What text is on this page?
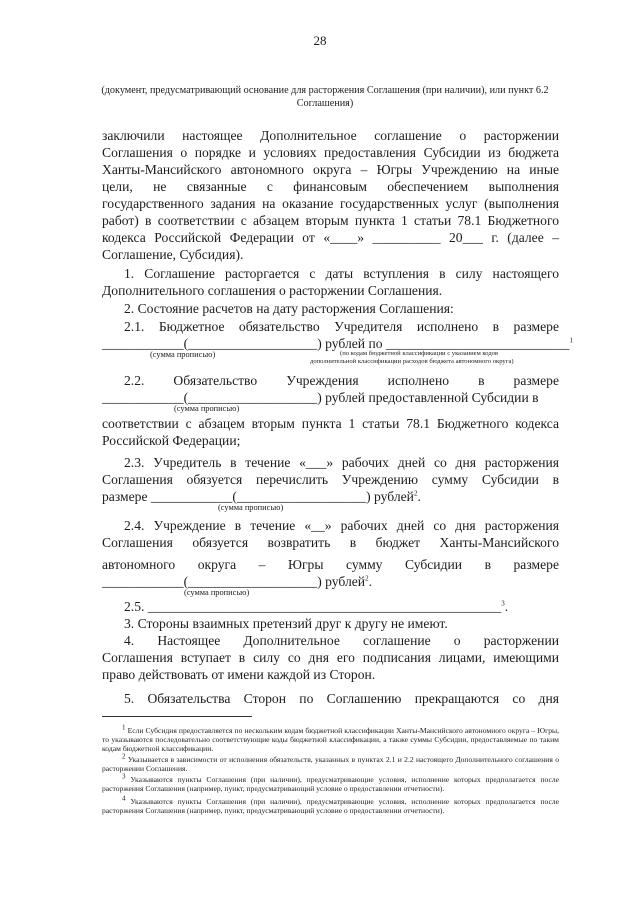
28
(документ, предусматривающий основание для расторжения Соглашения (при наличии), или пункт 6.2 Соглашения)
заключили настоящее Дополнительное соглашение о расторжении
Соглашения о порядке и условиях предоставления Субсидии из бюджета
Ханты-Мансийского автономного округа – Югры Учреждению на иные
цели, не связанные с финансовым обеспечением выполнения
государственного задания на оказание государственных услуг (выполнения
работ) в соответствии с абзацем вторым пункта 1 статьи 78.1 Бюджетного
кодекса Российской Федерации от «____» __________ 20___ г. (далее –
Соглашение, Субсидия).
1. Соглашение расторгается с даты вступления в силу настоящего
Дополнительного соглашения о расторжении Соглашения.
2. Состояние расчетов на дату расторжения Соглашения:
2.1. Бюджетное обязательство Учредителя исполнено в размере
____________(___________________) рублей по ___________________________$^1$
(сумма прописью)	(по кодам бюджетной классификации с указанием кодов
дополнительной классификации расходов бюджета автономного округа)
2.2. Обязательство Учреждения исполнено в размере
____________(___________________) рублей предоставленной Субсидии в
(сумма прописью)
соответствии с абзацем вторым пункта 1 статьи 78.1 Бюджетного кодекса
Российской Федерации;
2.3. Учредитель в течение «___» рабочих дней со дня расторжения
Соглашения обязуется перечислить Учреждению сумму Субсидии в
размере ____________(___________________) рублей$^2$.
(сумма прописью)
2.4. Учреждение в течение «__» рабочих дней со дня расторжения
Соглашения обязуется возвратить в бюджет Ханты-Мансийского
автономного округа – Югры сумму Субсидии в размере
____________(___________________) рублей$^2$.
(сумма прописью)
2.5. ____________________________________________________$^3$.
3. Стороны взаимных претензий друг к другу не имеют.
4. Настоящее Дополнительное соглашение о расторжении
Соглашения вступает в силу со дня его подписания лицами, имеющими
право действовать от имени каждой из Сторон.
5. Обязательства Сторон по Соглашению прекращаются со дня
$^1$ Если Субсидия предоставляется по нескольким кодам бюджетной классификации Ханты-Мансийского автономного округа – Югры, то указываются последовательно соответствующие коды бюджетной классификации, а также суммы Субсидии, предоставляемые по таким кодам бюджетной классификации.
$^2$ Указывается в зависимости от исполнения обязательств, указанных в пунктах 2.1 и 2.2 настоящего Дополнительного соглашения о расторжении Соглашения.
$^3$ Указываются пункты Соглашения (при наличии), предусматривающие условия, исполнение которых предполагается после расторжения Соглашения (например, пункт, предусматривающий условие о предоставлении отчетности).
$^4$ Указываются пункты Соглашения (при наличии), предусматривающие условия, исполнение которых предполагается после расторжения Соглашения (например, пункт, предусматривающий условие о предоставлении отчетности).
